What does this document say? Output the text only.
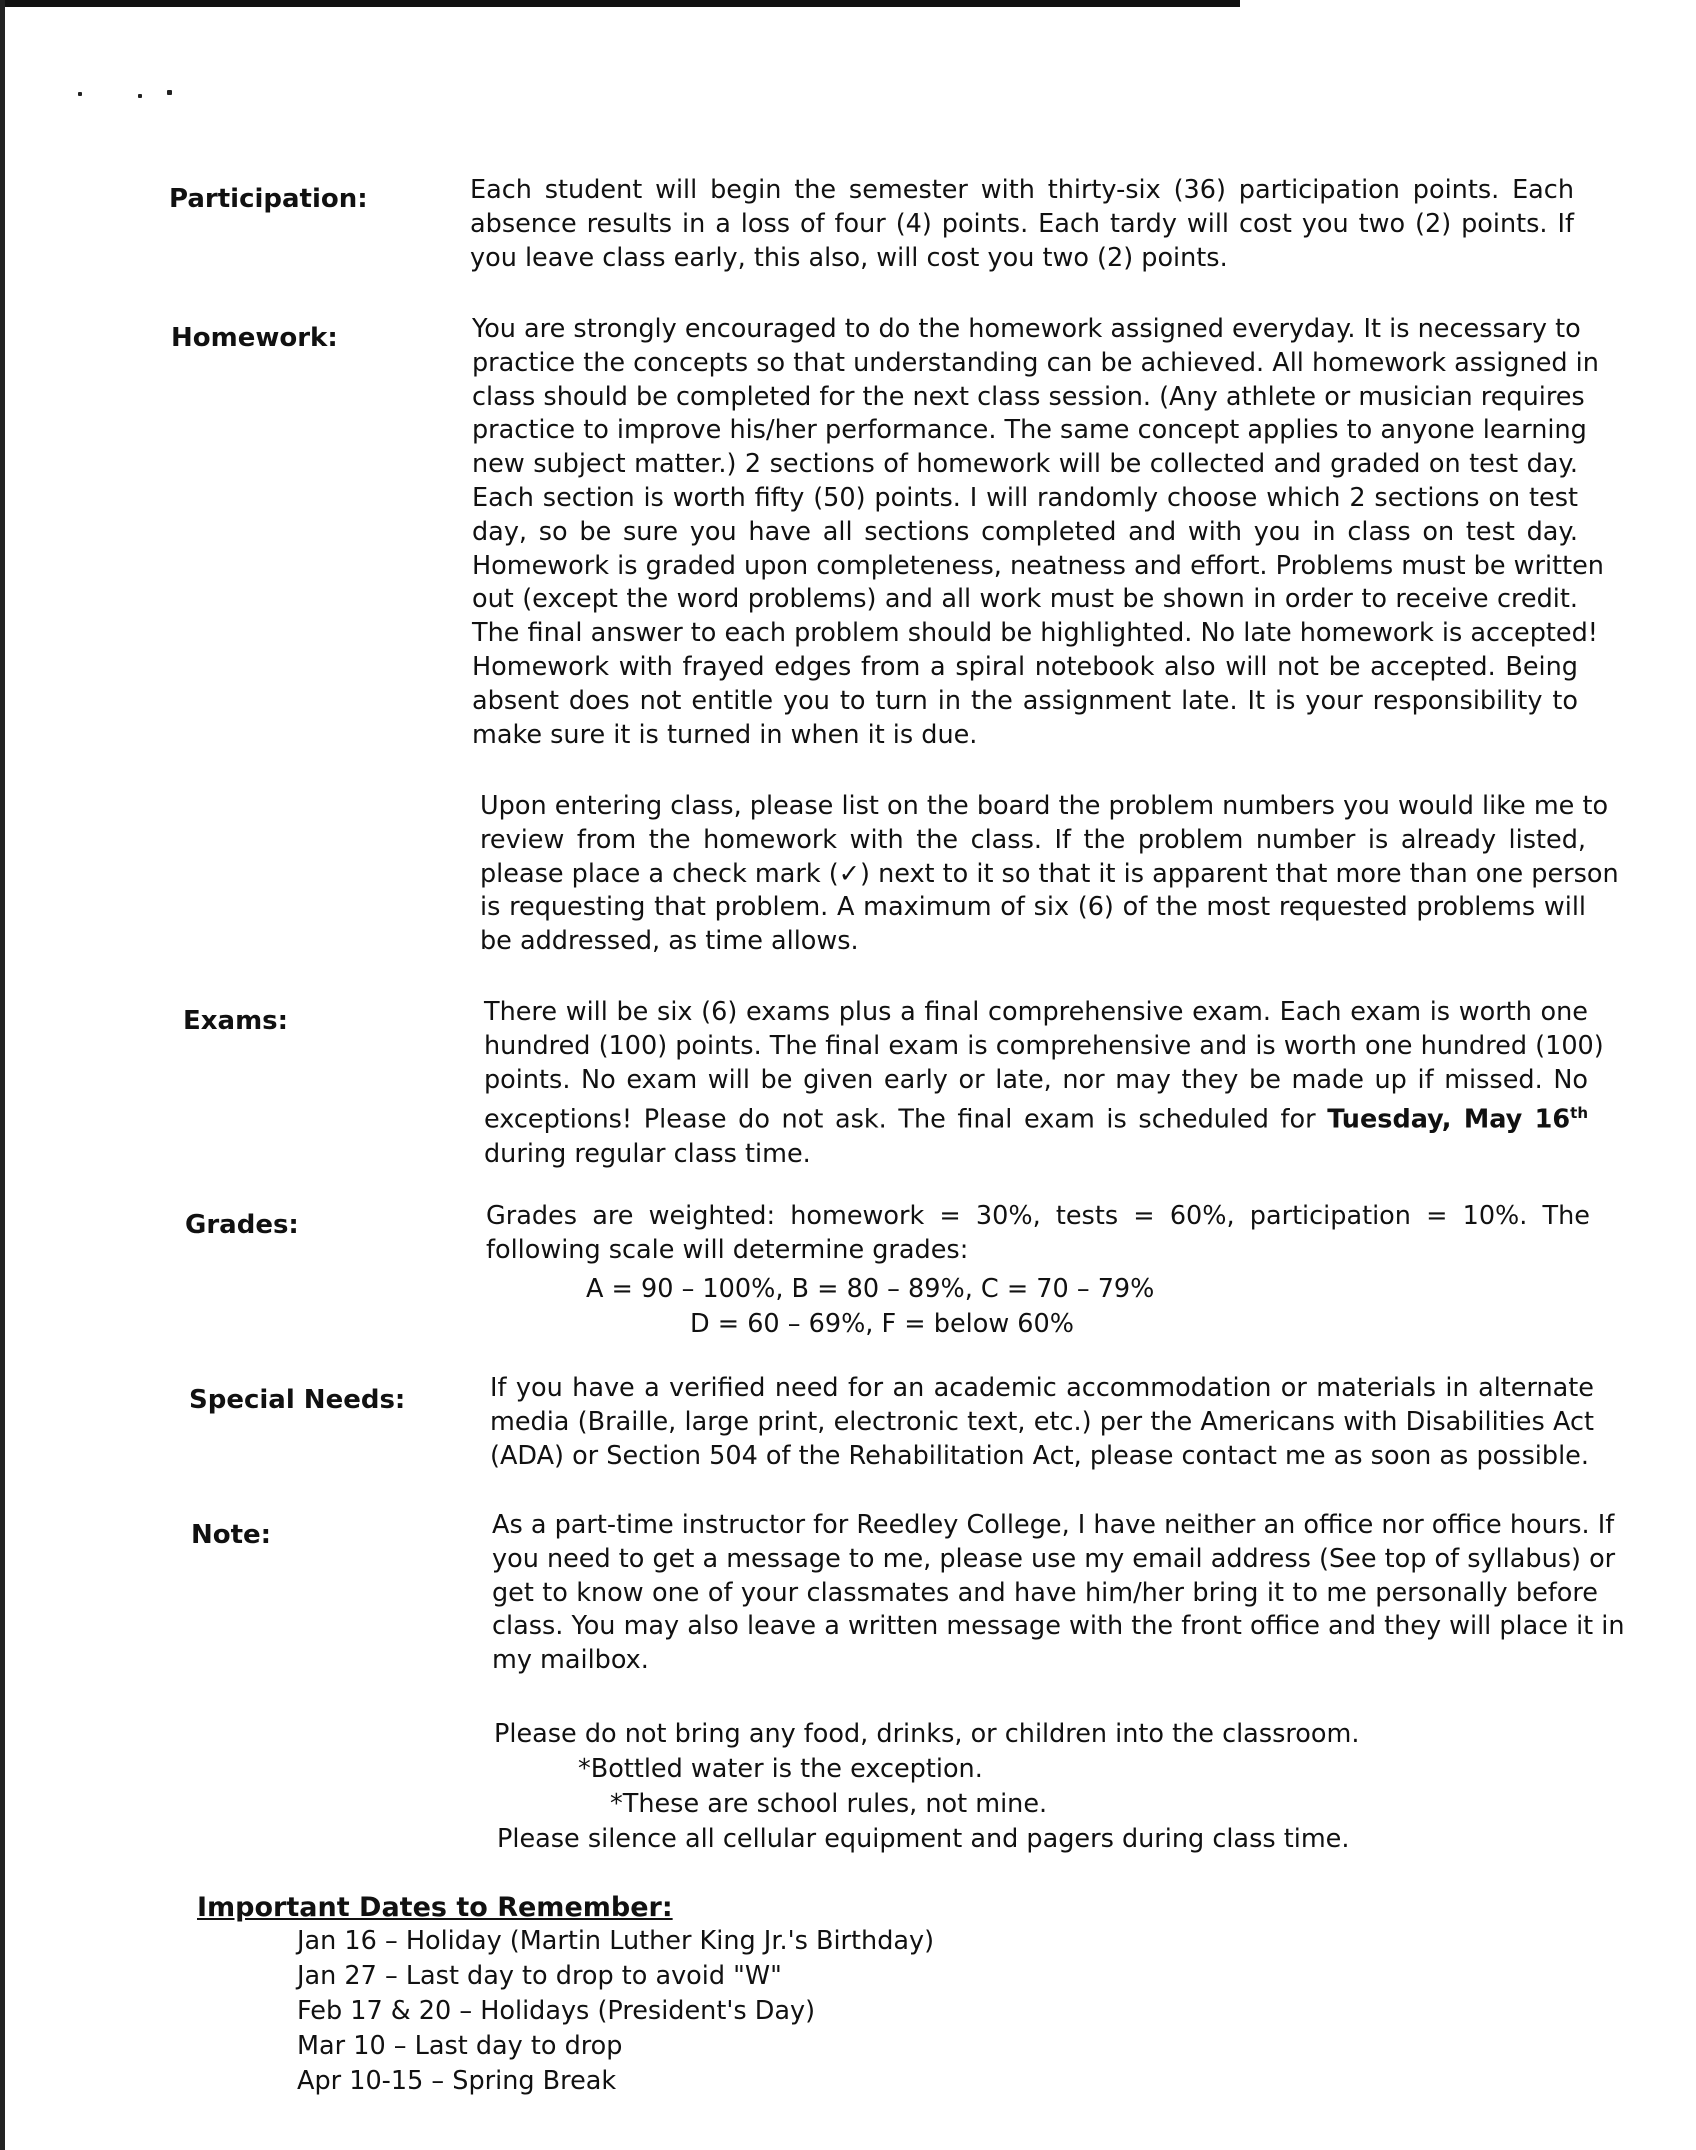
Participation:	Each student will begin the semester with thirty-six (36) participation points. Each
absence results in a loss of four (4) points. Each tardy will cost you two (2) points. If
you leave class early, this also, will cost you two (2) points.
Homework:	You are strongly encouraged to do the homework assigned everyday. It is necessary to
practice the concepts so that understanding can be achieved. All homework assigned in
class should be completed for the next class session. (Any athlete or musician requires
practice to improve his/her performance. The same concept applies to anyone learning
new subject matter.) 2 sections of homework will be collected and graded on test day.
Each section is worth fifty (50) points. I will randomly choose which 2 sections on test
day, so be sure you have all sections completed and with you in class on test day.
Homework is graded upon completeness, neatness and effort. Problems must be written
out (except the word problems) and all work must be shown in order to receive credit.
The final answer to each problem should be highlighted. No late homework is accepted!
Homework with frayed edges from a spiral notebook also will not be accepted. Being
absent does not entitle you to turn in the assignment late. It is your responsibility to
make sure it is turned in when it is due.
Upon entering class, please list on the board the problem numbers you would like me to
review from the homework with the class. If the problem number is already listed,
please place a check mark (✓) next to it so that it is apparent that more than one person
is requesting that problem. A maximum of six (6) of the most requested problems will
be addressed, as time allows.
Exams:	There will be six (6) exams plus a final comprehensive exam. Each exam is worth one
hundred (100) points. The final exam is comprehensive and is worth one hundred (100)
points. No exam will be given early or late, nor may they be made up if missed. No
exceptions! Please do not ask. The final exam is scheduled for Tuesday, May 16th
during regular class time.
Grades:	Grades are weighted: homework = 30%, tests = 60%, participation = 10%. The
following scale will determine grades:
A = 90 – 100%, B = 80 – 89%, C = 70 – 79%
D = 60 – 69%, F = below 60%
Special Needs:	If you have a verified need for an academic accommodation or materials in alternate
media (Braille, large print, electronic text, etc.) per the Americans with Disabilities Act
(ADA) or Section 504 of the Rehabilitation Act, please contact me as soon as possible.
Note:	As a part-time instructor for Reedley College, I have neither an office nor office hours. If
you need to get a message to me, please use my email address (See top of syllabus) or
get to know one of your classmates and have him/her bring it to me personally before
class. You may also leave a written message with the front office and they will place it in
my mailbox.
Please do not bring any food, drinks, or children into the classroom.
*Bottled water is the exception.
*These are school rules, not mine.
Please silence all cellular equipment and pagers during class time.
Important Dates to Remember:
Jan 16 – Holiday (Martin Luther King Jr.'s Birthday)
Jan 27 – Last day to drop to avoid "W"
Feb 17 & 20 – Holidays (President's Day)
Mar 10 – Last day to drop
Apr 10-15 – Spring Break
